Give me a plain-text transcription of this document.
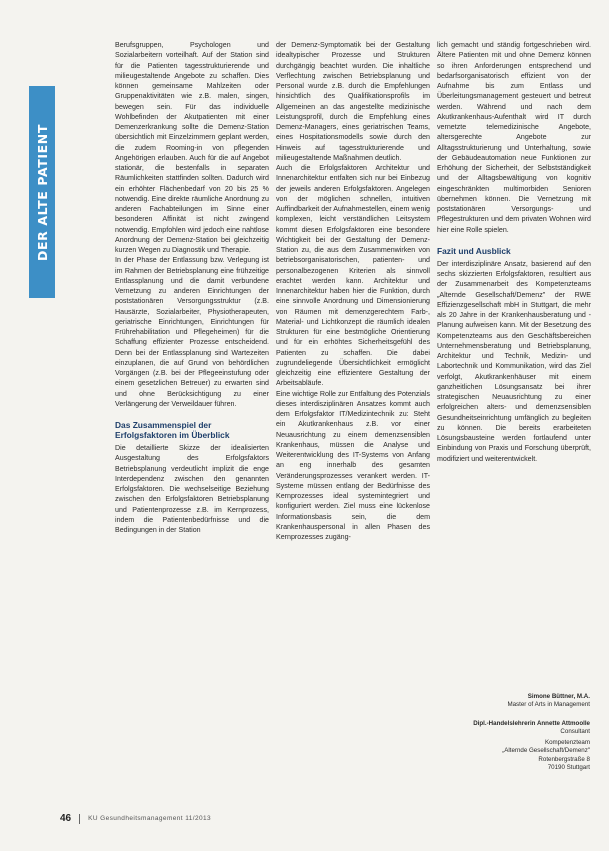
DER ALTE PATIENT

Berufsgruppen, Psychologen und Sozialarbeitern vorteilhaft. Auf der Station sind für die Patienten tagesstrukturierende und milieugestaltende Angebote zu schaffen. Dies können gemeinsame Mahlzeiten oder Gruppenaktivitäten wie z.B. malen, singen, bewegen sein. Für das individuelle Wohlbefinden der Akutpatienten mit einer Demenzerkrankung sollte die Demenz-Station übersichtlich mit Einzelzimmern geplant werden, die zudem Rooming-in von pflegenden Angehörigen erlauben. Auch für die auf Angebot stationär, die bestenfalls in separaten Räumlichkeiten stattfinden sollten. Dadurch wird ein erhöhter Flächenbedarf von 20 bis 25 % notwendig. Eine direkte räumliche Anordnung zu anderen Fachabteilungen im Sinne einer besonderen Affinität ist nicht zwingend notwendig. Empfohlen wird jedoch eine nahtlose Anordnung der Demenz-Station bei gleichzeitig kurzen Wegen zu Diagnostik und Therapie.

In der Phase der Entlassung bzw. Verlegung ist im Rahmen der Betriebsplanung eine frühzeitige Entlassplanung und die damit verbundene Vernetzung zu anderen Einrichtungen der poststationären Versorgungsstruktur (z.B. Hausärzte, Sozialarbeiter, Physiotherapeuten, geriatrische Einrichtungen, Einrichtungen für Frührehabilitation und Pflegeheimen) für die Schaffung effizienter Prozesse entscheidend. Denn bei der Entlassplanung sind Wartezeiten einzuplanen, die auf Grund von behördlichen Vorgängen (z.B. bei der Pflegeeinstufung oder einem gesetzlichen Betreuer) zu erwarten sind und ohne Berücksichtigung zu einer Verlängerung der Verweildauer führen.

Das Zusammenspiel der Erfolgsfaktoren im Überblick

Die detaillierte Skizze der idealisierten Ausgestaltung des Erfolgsfaktors Betriebsplanung verdeutlicht implizit die enge Interdependenz zwischen den genannten Erfolgsfaktoren. Die wechselseitige Beziehung zwischen den Erfolgsfaktoren Betriebsplanung und Patientenprozesse z.B. im Kernprozess, indem die Patientenbedürfnisse und die Bedingungen in der Station

der Demenz-Symptomatik bei der Gestaltung idealtypischer Prozesse und Strukturen durchgängig beachtet wurden. Die inhaltliche Verflechtung zwischen Betriebsplanung und Personal wurde z.B. durch die Empfehlungen hinsichtlich des Qualifikationsprofils im Allgemeinen an das angestellte medizinische Leistungsprofil, durch die Empfehlung eines Demenz-Managers, eines geriatrischen Teams, eines Hospitationsmodells sowie durch den Hinweis auf tagesstrukturierende und milieugestaltende Maßnahmen deutlich.

Auch die Erfolgsfaktoren Architektur und Innenarchitektur entfalten sich nur bei Einbezug der jeweils anderen Erfolgsfaktoren. Angelegen von der möglichen schnellen, intuitiven Auffindbarkeit der Aufnahmestellen, einem wenig komplexen, leicht verständlichen Leitsystem kommt diesen Erfolgsfaktoren eine besondere Wichtigkeit bei der Gestaltung der Demenz-Station zu, die aus dem Zusammenwirken von betriebsorganisatorischen, patienten- und personalbezogenen Kriterien als sinnvoll erachtet werden kann. Architektur und Innenarchitektur haben hier die Funktion, durch eine sinnvolle Anordnung und Dimensionierung von Räumen mit demenzgerechtem Farb-, Material- und Lichtkonzept die räumlich idealen Strukturen für eine bestmögliche Orientierung und für ein erhöhtes Sicherheitsgefühl des Patienten zu schaffen. Die dabei zugrundeliegende Übersichtlichkeit ermöglicht gleichzeitig eine effizientere Gestaltung der Arbeitsabläufe.

Eine wichtige Rolle zur Entfaltung des Potenzials dieses interdisziplinären Ansatzes kommt auch dem Erfolgsfaktor IT/Medizintechnik zu: Steht ein Akutkrankenhaus z.B. vor einer Neuausrichtung zu einem demenzsensiblen Krankenhaus, müssen die Analyse und Weiterentwicklung des IT-Systems von Anfang an eng innerhalb des gesamten Veränderungsprozesses verankert werden. IT-Systeme müssen entlang der Bedürfnisse des Kernprozesses ideal systemintegriert und konfiguriert werden. Ziel muss eine lückenlose Informationsbasis sein, die dem Krankenhauspersonal in allen Phasen des Kernprozesses zugäng-

lich gemacht und ständig fortgeschrieben wird. Ältere Patienten mit und ohne Demenz können so ihren Anforderungen entsprechend und bedarfsorganisatorisch effizient von der Aufnahme bis zum Entlass und Überleitungsmanagement gesteuert und betreut werden. Während und nach dem Akutkrankenhaus-Aufenthalt wird IT durch vernetzte telemedizinische Angebote, altersgerechte Angebote zur Alltagsstrukturierung und Unterhaltung, sowie der Gebäudeautomation neue Funktionen zur Erhöhung der Sicherheit, der Selbstständigkeit und der Alltagsbewältigung von kognitiv eingeschränkten multimorbiden Senioren übernehmen können. Die Vernetzung mit poststationären Versorgungs- und Pflegestrukturen und dem privaten Wohnen wird hier eine Rolle spielen.

Fazit und Ausblick

Der interdisziplinäre Ansatz, basierend auf den sechs skizzierten Erfolgsfaktoren, resultiert aus der Zusammenarbeit des Kompetenzteams „Alternde Gesellschaft/Demenz" der RWE Effizienzgesellschaft mbH in Stuttgart, die mehr als 20 Jahre in der Krankenhausberatung und -Planung aufweisen kann. Mit der Besetzung des Kompetenzteams aus den Geschäftsbereichen Unternehmensberatung und Betriebsplanung, Architektur und Technik, Medizin- und Labortechnik und Kommunikation, wird das Ziel verfolgt, Akutkrankenhäuser mit einem ganzheitlichen Lösungsansatz bei ihrer strategischen Neuausrichtung zu einer erfolgreichen alters- und demenzsensiblen Gesundheitseinrichtung umfänglich zu begleiten zu können. Die bereits erarbeiteten Lösungsbausteine werden fortlaufend unter Einbindung von Praxis und Forschung überprüft, modifiziert und weiterentwickelt.

Simone Büttner, M.A.

Master of Arts in Management

Dipl.-Handelslehrerin Annette Attmoolle

Consultant

Kompetenzteam

„Alternde Gesellschaft/Demenz"

Rotenbergstraße 8

70190 Stuttgart

46	KU Gesundheitsmanagement 11/2013
